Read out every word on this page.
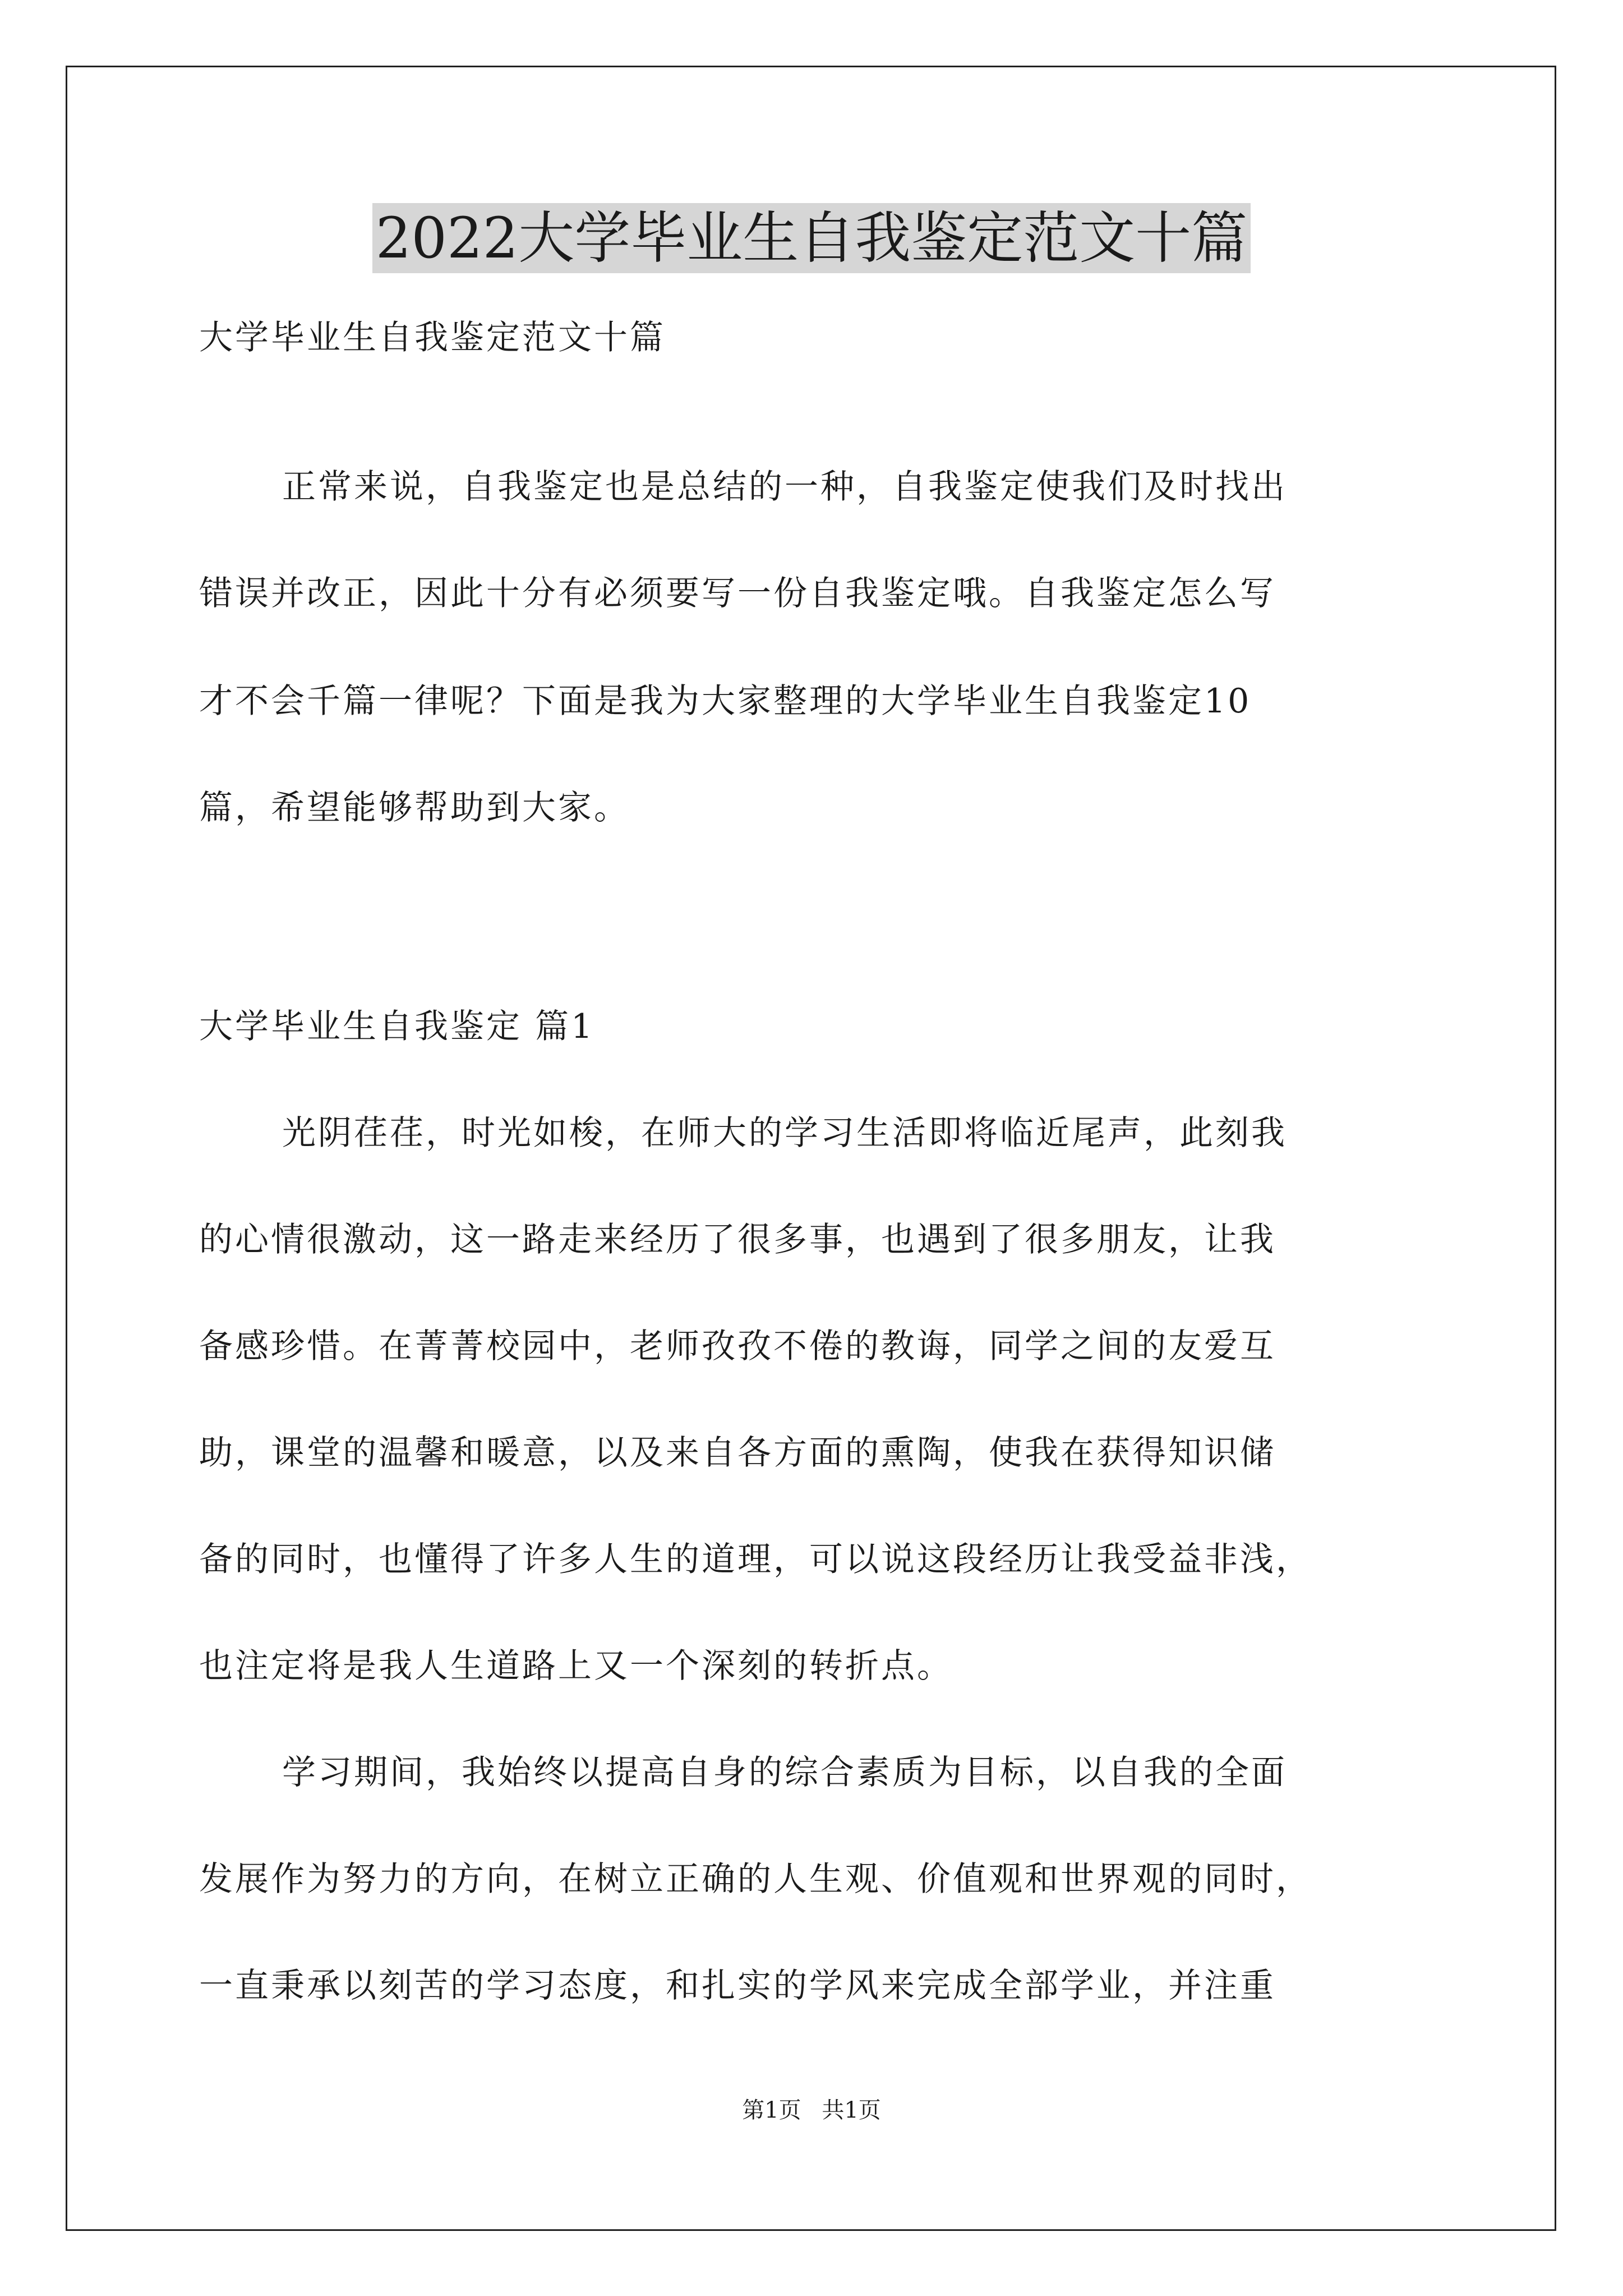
2022大学毕业生自我鉴定范文十篇
大学毕业生自我鉴定范文十篇
正常来说，自我鉴定也是总结的一种，自我鉴定使我们及时找出
错误并改正，因此十分有必须要写一份自我鉴定哦。自我鉴定怎么写
才不会千篇一律呢？下面是我为大家整理的大学毕业生自我鉴定10
篇，希望能够帮助到大家。
大学毕业生自我鉴定 篇1
光阴荏荏，时光如梭，在师大的学习生活即将临近尾声，此刻我
的心情很激动，这一路走来经历了很多事，也遇到了很多朋友，让我
备感珍惜。在菁菁校园中，老师孜孜不倦的教诲，同学之间的友爱互
助，课堂的温馨和暖意，以及来自各方面的熏陶，使我在获得知识储
备的同时，也懂得了许多人生的道理，可以说这段经历让我受益非浅，
也注定将是我人生道路上又一个深刻的转折点。
学习期间，我始终以提高自身的综合素质为目标，以自我的全面
发展作为努力的方向，在树立正确的人生观、价值观和世界观的同时，
一直秉承以刻苦的学习态度，和扎实的学风来完成全部学业，并注重
第1页 共1页
